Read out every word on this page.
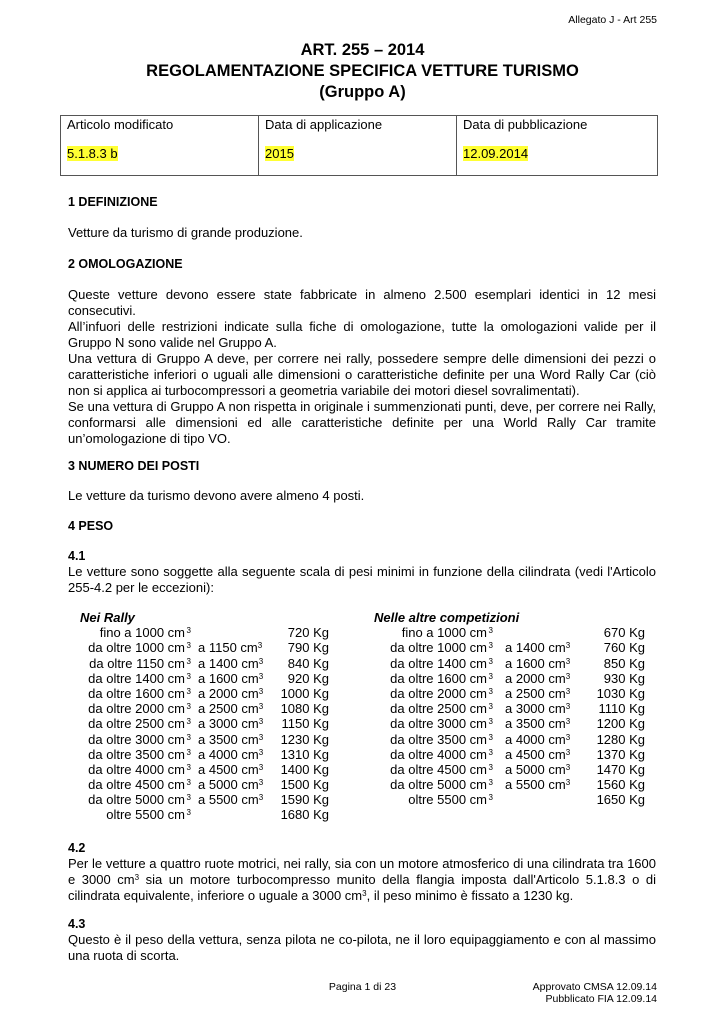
Allegato J - Art 255
ART. 255 – 2014
REGOLAMENTAZIONE SPECIFICA VETTURE TURISMO
(Gruppo A)
Articolo modificato	Data di applicazione	Data di pubblicazione
5.1.8.3 b	2015	12.09.2014
1 DEFINIZIONE
Vetture da turismo di grande produzione.
2 OMOLOGAZIONE
Queste vetture devono essere state fabbricate in almeno 2.500 esemplari identici in 12 mesi consecutivi.
All’infuori delle restrizioni indicate sulla fiche di omologazione, tutte la omologazioni valide per il Gruppo N sono valide nel Gruppo A.
Una vettura di Gruppo A deve, per correre nei rally, possedere sempre delle dimensioni dei pezzi o caratteristiche inferiori o uguali alle dimensioni o caratteristiche definite per una Word Rally Car (ciò non si applica ai turbocompressori a geometria variabile dei motori diesel sovralimentati).
Se una vettura di Gruppo A non rispetta in originale i summenzionati punti, deve, per correre nei Rally, conformarsi alle dimensioni ed alle caratteristiche definite per una World Rally Car tramite un’omologazione di tipo VO.
3 NUMERO DEI POSTI
Le vetture da turismo devono avere almeno 4 posti.
4 PESO
4.1
Le vetture sono soggette alla seguente scala di pesi minimi in funzione della cilindrata (vedi l'Articolo 255-4.2 per le eccezioni):
Nei Rally
fino a 1000 cm $^3$	720 Kg
da oltre 1000 cm $^3$ a 1150 $cm^3$ 790 Kg
da oltre 1150 cm $^3$ a 1400 $cm^3$ 840 Kg
da oltre 1400 cm $^3$ a 1600 $cm^3$ 920 Kg
da oltre 1600 cm $^3$ a 2000 $cm^3$ 1000 Kg
da oltre 2000 cm $^3$ a 2500 $cm^3$ 1080 Kg
da oltre 2500 cm $^3$ a 3000 $cm^3$ 1150 Kg
da oltre 3000 cm $^3$ a 3500 $cm^3$ 1230 Kg
da oltre 3500 cm $^3$ a 4000 $cm^3$ 1310 Kg
da oltre 4000 cm $^3$ a 4500 $cm^3$ 1400 Kg
da oltre 4500 cm $^3$ a 5000 $cm^3$ 1500 Kg
da oltre 5000 cm $^3$ a 5500 $cm^3$ 1590 Kg
oltre 5500 cm $^3$	1680 Kg
Nelle altre competizioni
fino a 1000 cm $^3$	670 Kg
da oltre 1000 cm $^3$ a 1400 $cm^3$	760 Kg
da oltre 1400 cm $^3$ a 1600 $cm^3$	850 Kg
da oltre 1600 cm $^3$ a 2000 $cm^3$	930 Kg
da oltre 2000 cm $^3$ a 2500 $cm^3$ 1030 Kg
da oltre 2500 cm $^3$ a 3000 $cm^3$ 1110 Kg
da oltre 3000 cm $^3$ a 3500 $cm^3$ 1200 Kg
da oltre 3500 cm $^3$ a 4000 $cm^3$ 1280 Kg
da oltre 4000 cm $^3$ a 4500 $cm^3$ 1370 Kg
da oltre 4500 cm $^3$ a 5000 $cm^3$ 1470 Kg
da oltre 5000 cm $^3$ a 5500 $cm^3$ 1560 Kg
oltre 5500 cm $^3$	1650 Kg
4.2
Per le vetture a quattro ruote motrici, nei rally, sia con un motore atmosferico di una cilindrata tra 1600 e 3000 $cm^3$ sia un motore turbocompresso munito della flangia imposta dall'Articolo 5.1.8.3 o di cilindrata equivalente, inferiore o uguale a 3000 $cm^3$, il peso minimo è fissato a 1230 kg.
4.3
Questo è il peso della vettura, senza pilota ne co-pilota, ne il loro equipaggiamento e con al massimo una ruota di scorta.
Pagina 1 di 23	Approvato CMSA 12.09.14
Pubblicato FIA 12.09.14
